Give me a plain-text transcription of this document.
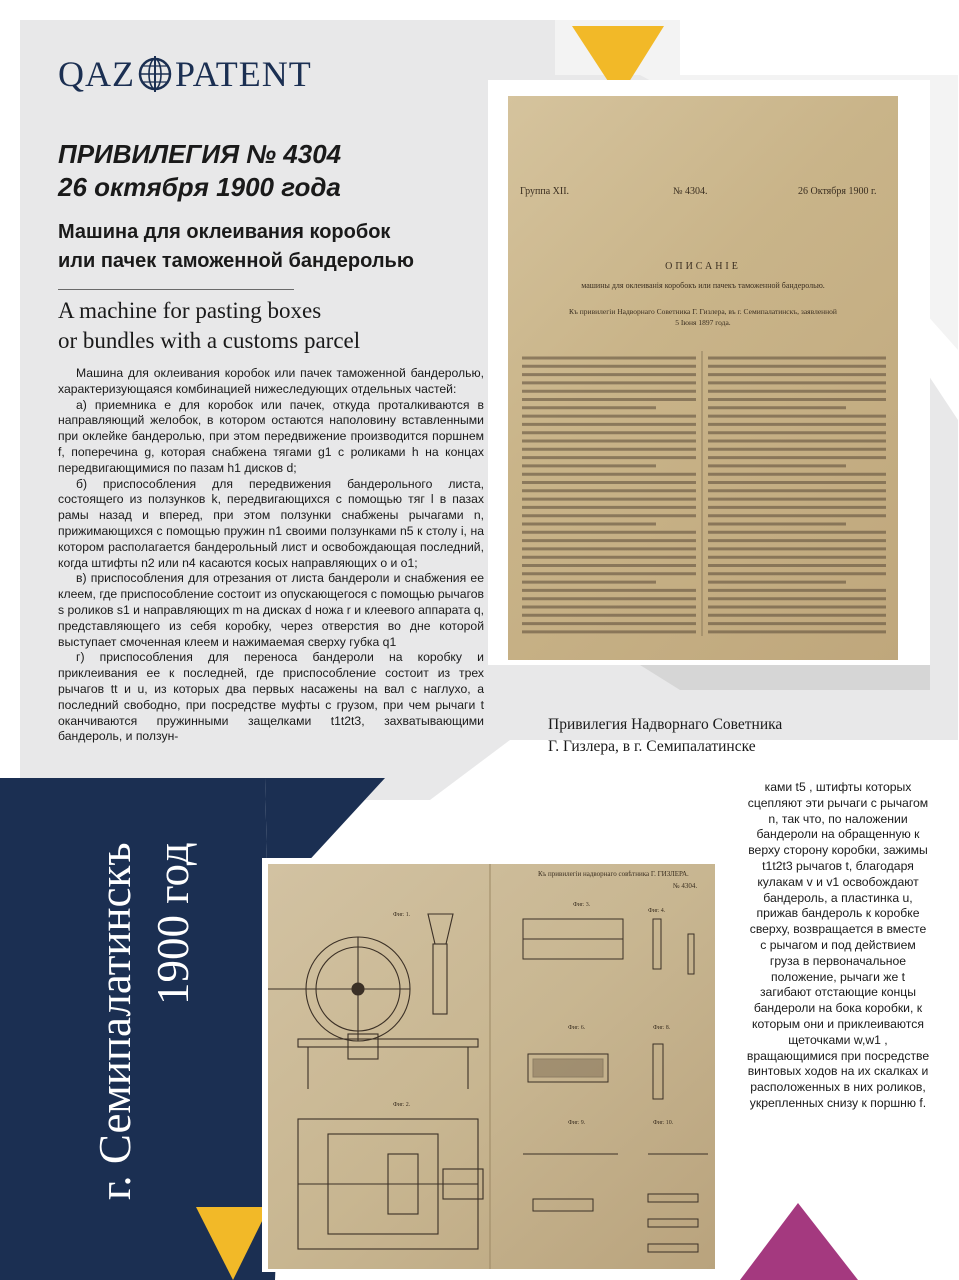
QAZ PATENT
ПРИВИЛЕГИЯ № 4304
26 октября 1900 года
Машина для оклеивания коробок
или пачек таможенной бандеролью
A machine for pasting boxes
or bundles with a customs parcel

Машина для оклеивания коробок или пачек таможенной бандеролью, характеризующаяся комбинацией нижеследующих отдельных частей:

а) приемника е для коробок или пачек, откуда проталкиваются в направляющий желобок, в котором остаются наполовину вставленными при оклейке бандеролью, при этом передвижение производится поршнем f, поперечина g, которая снабжена тягами g1 с роликами h на концах передвигающимися по пазам h1 дисков d;

б) приспособления для передвижения бандерольного листа, состоящего из ползунков k, передвигающихся с помощью тяг l в пазах рамы назад и вперед, при этом ползунки снабжены рычагами n, прижимающихся с помощью пружин n1 своими ползунками n5 к столу i, на котором располагается бандерольный лист и освобождающая последний, когда штифты n2 или n4 касаются косых направляющих o и o1;

в) приспособления для отрезания от листа бандероли и снабжения ее клеем, где приспособление состоит из опускающегося с помощью рычагов s роликов s1 и направляющих m на дисках d ножа r и клеевого аппарата q, представляющего из себя коробку, через отверстия во дне которой выступает смоченная клеем и нажимаемая сверху губка q1

г) приспособления для переноса бандероли на коробку и приклеивания ее к последней, где приспособление состоит из трех рычагов tt и u, из которых два первых насажены на вал с наглухо, а последний свободно, при посредстве муфты с грузом, при чем рычаги t оканчиваются пружинными защелками t1t2t3, захватывающими бандероль, и ползун-

Группа XII.	№ 4304.	26 Октября 1900 г.
ОПИСАНIЕ
машины для оклеиванiя коробокъ или пачекъ таможенной бандеролью.
Къ привилегiи Надворнаго Советника Г. Гизлера, въ г. Семипалатинскъ, заявленной
5 Iюня 1897 года.
Привилегия Надворнаго Советника
Г. Гизлера, в г. Семипалатинске
ками t5 , штифты которых сцепляют эти рычаги с рычагом n, так что, по наложении бандероли на обращенную к верху сторону коробки, зажимы t1t2t3 рычагов t, благодаря кулакам v и v1 освобождают бандероль, а пластинка u, прижав бандероль к коробке сверху, возвращается в вместе с рычагом и под действием груза в первоначальное положение, рычаги же t загибают отстающие концы бандероли на бока коробки, к которым они и приклеиваются щеточками w,w1 , вращающимися при посредстве винтовых ходов на их скалках и расположенных в них роликов, укрепленных снизу к поршню f.
г. Семипалатинскъ 1900 год	Къ привилегiи надворнаго совѣтника Г. ГИЗЛЕРА.
№ 4304.
Фиг. 1.
Фиг. 2.
Фиг. 3.
Фиг. 4.
Фиг. 6.	Фиг. 8.
Фиг. 9.	Фиг. 10.
